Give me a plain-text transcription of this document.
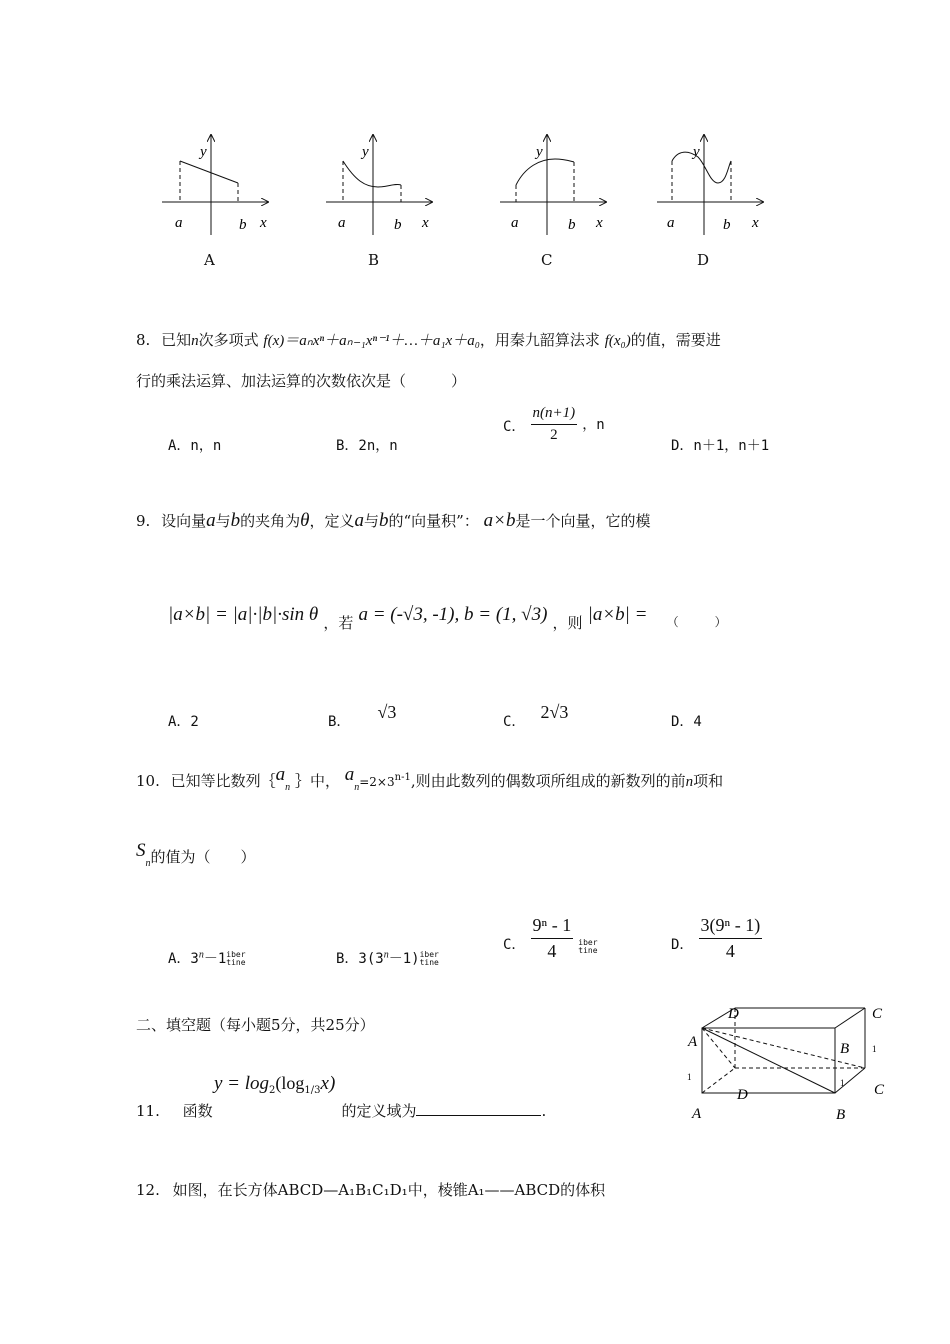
y
a	b x
y
a	b x
y
a	b x
y
a	b x
A	B	C	D
8. 已知n次多项式 f(x)＝aₙxⁿ＋aₙ₋₁xⁿ⁻¹＋…＋a₁x＋a₀，用秦九韶算法求 f(x₀)的值，需要进
行的乘法运算、加法运算的次数依次是（　　　）
A．n，n	B．2n，n
C． $\frac{n(n+1)}{2}$ ，n
D．n＋1，n＋1
9. 设向量a与b的夹角为θ，定义a与b的“向量积”： a×b是一个向量，它的模
|a×b| = |a|·|b|·sin θ ，若 a = (-√3, -1), b = (1, √3) ，则 |a×b| = $_{( )}$
A．2	B． √3	C． 2√3	D．4
10. 已知等比数列$\{a_n$ ｝中， $a_n=2\times 3^{n-1}$,则由此数列的偶数项所组成的新数列的前n项和
$S_n$的值为（　　）
A．$3^n-1$ iber
tine	B．$3(3^n-1)$ iber
tine
C． $\frac{\text{9ⁿ - 1}}{4}$
iber
tine	D． $\frac{\text{3(9ⁿ - 1)}}{4}$
二、填空题（每小题5分，共25分）
$y = \log_2(\log_{1/3}x)$
11. 函数	的定义域为	.
12. 如图，在长方体ABCD—A₁B₁C₁D₁中，棱锥A₁——ABCD的体积
D	C
A	B	1
1
D
1
C
A	B
